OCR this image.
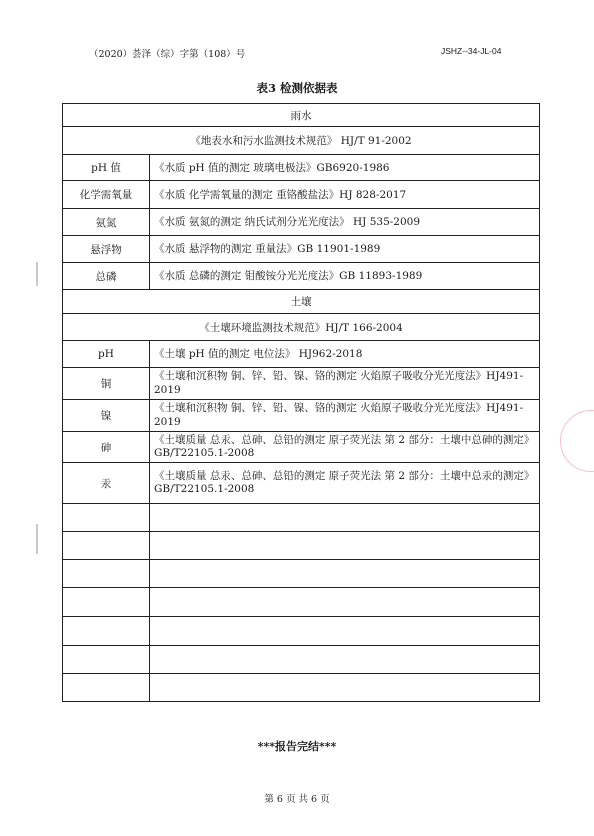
（2020）荟泽（综）字第（108）号	JSHZ--34-JL-04
表3 检测依据表
雨水	
《地表水和污水监测技术规范》 HJ/T 91-2002	
pH 值	《水质 pH 值的测定 玻璃电极法》GB6920-1986
化学需氧量	《水质 化学需氧量的测定 重铬酸盐法》HJ 828-2017
氨氮	《水质 氨氮的测定 纳氏试剂分光光度法》 HJ 535-2009
悬浮物	《水质 悬浮物的测定 重量法》GB 11901-1989
总磷	《水质 总磷的测定 钼酸铵分光光度法》GB 11893-1989
土壤	
《土壤环境监测技术规范》HJ/T 166-2004	
pH	《土壤 pH 值的测定 电位法》 HJ962-2018
铜	《土壤和沉积物 铜、锌、铅、镍、铬的测定 火焰原子吸收分光光度法》HJ491-2019
镍	《土壤和沉积物 铜、锌、铅、镍、铬的测定 火焰原子吸收分光光度法》HJ491-2019
砷	《土壤质量 总汞、总砷、总铅的测定 原子荧光法 第 2 部分：土壤中总砷的测定》 GB/T22105.1-2008
汞	《土壤质量 总汞、总砷、总铅的测定 原子荧光法 第 2 部分：土壤中总汞的测定》 GB/T22105.1-2008

***报告完结***
第 6 页 共 6 页
